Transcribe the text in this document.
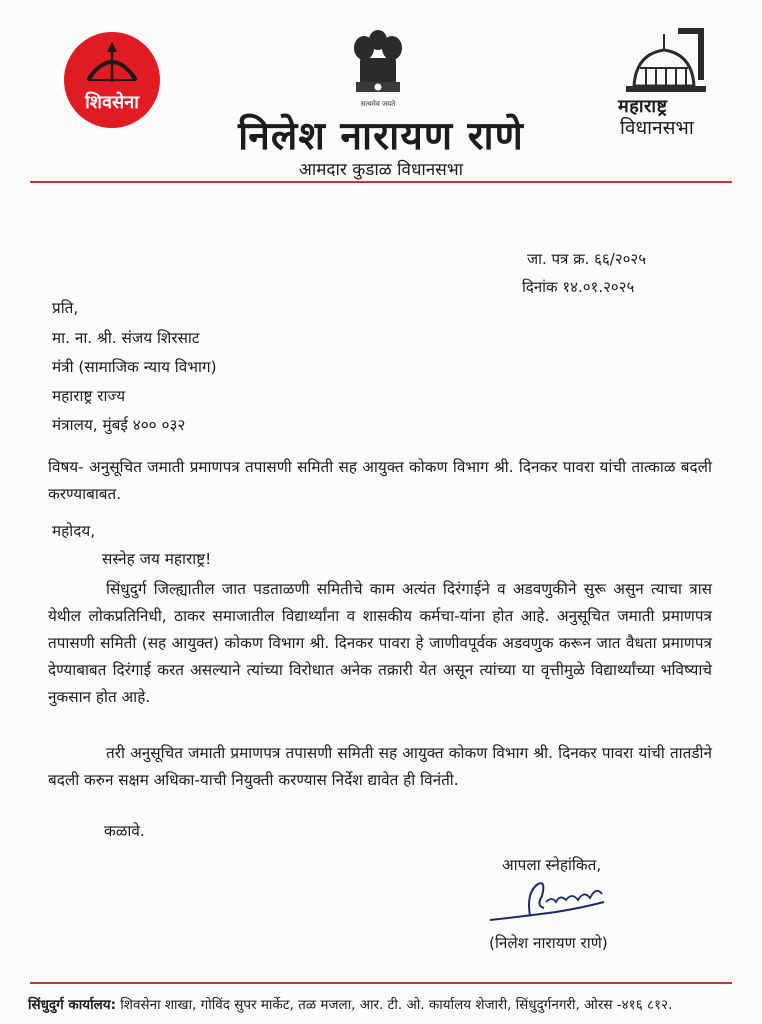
शिवसेना	सत्यमेव जयते	महाराष्ट्र
विधानसभा
निलेश नारायण राणे
आमदार कुडाळ विधानसभा
जा. पत्र क्र. ६६/२०२५
दिनांक १४.०१.२०२५
प्रति,
मा. ना. श्री. संजय शिरसाट
मंत्री (सामाजिक न्याय विभाग)
महाराष्ट्र राज्य
मंत्रालय, मुंबई ४०० ०३२
विषय- अनुसूचित जमाती प्रमाणपत्र तपासणी समिती सह आयुक्त कोकण विभाग श्री. दिनकर पावरा यांची तात्काळ बदली करण्याबाबत.
महोदय,
सस्नेह जय महाराष्ट्र!
सिंधुदुर्ग जिल्ह्यातील जात पडताळणी समितीचे काम अत्यंत दिरंगाईने व अडवणुकीने सुरू असुन त्याचा त्रास येथील लोकप्रतिनिधी, ठाकर समाजातील विद्यार्थ्यांना व शासकीय कर्मचा-यांना होत आहे. अनुसूचित जमाती प्रमाणपत्र तपासणी समिती (सह आयुक्त) कोकण विभाग श्री. दिनकर पावरा हे जाणीवपूर्वक अडवणुक करून जात वैधता प्रमाणपत्र देण्याबाबत दिरंगाई करत असल्याने त्यांच्या विरोधात अनेक तक्रारी येत असून त्यांच्या या वृत्तीमुळे विद्यार्थ्यांच्या भविष्याचे नुकसान होत आहे.
तरी अनुसूचित जमाती प्रमाणपत्र तपासणी समिती सह आयुक्त कोकण विभाग श्री. दिनकर पावरा यांची तातडीने बदली करुन सक्षम अधिका-याची नियुक्ती करण्यास निर्देश द्यावेत ही विनंती.
कळावे.
आपला स्नेहांकित,
(निलेश नारायण राणे)
सिंधुदुर्ग कार्यालय: शिवसेना शाखा, गोविंद सुपर मार्केट, तळ मजला, आर. टी. ओ. कार्यालय शेजारी, सिंधुदुर्गनगरी, ओरस -४१६ ८१२.
